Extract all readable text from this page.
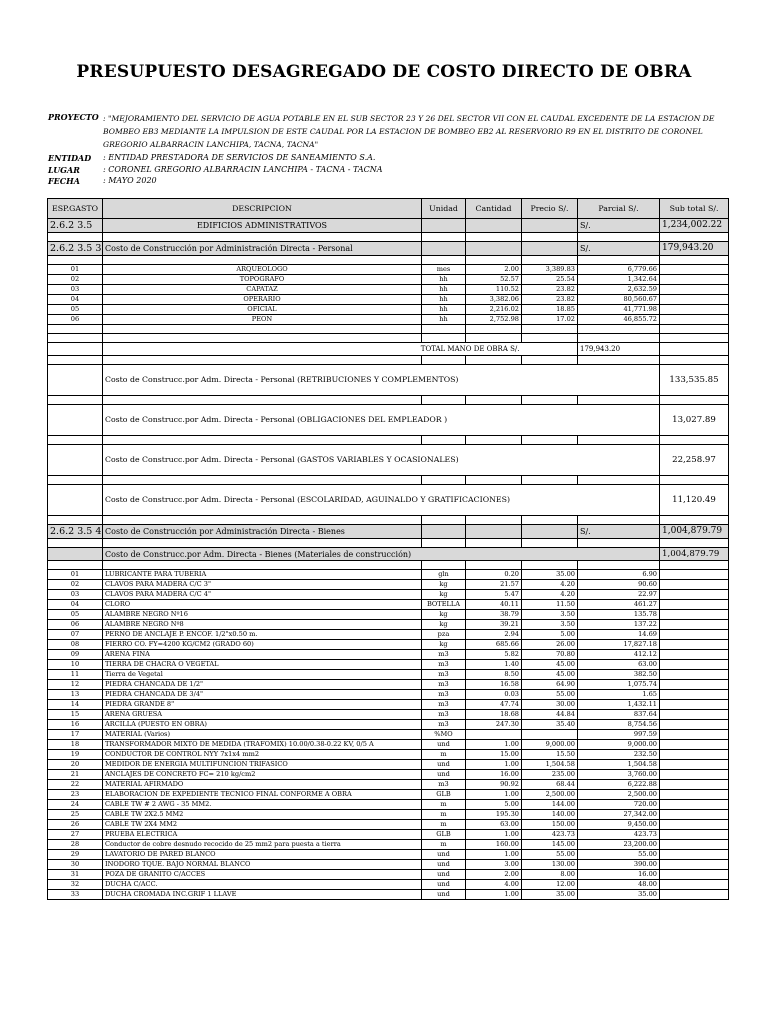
PRESUPUESTO DESAGREGADO DE COSTO DIRECTO DE OBRA
PROYECTO : "MEJORAMIENTO DEL SERVICIO DE AGUA POTABLE EN EL SUB SECTOR 23 Y 26 DEL SECTOR VII CON EL CAUDAL EXCEDENTE DE LA ESTACION DE BOMBEO EB3 MEDIANTE LA IMPULSION DE ESTE CAUDAL POR LA ESTACION DE BOMBEO EB2 AL RESERVORIO R9 EN EL DISTRITO DE CORONEL GREGORIO ALBARRACIN LANCHIPA, TACNA, TACNA"
ENTIDAD : ENTIDAD PRESTADORA DE SERVICIOS DE SANEAMIENTO S.A.
LUGAR	: CORONEL GREGORIO ALBARRACIN LANCHIPA - TACNA - TACNA
FECHA	: MAYO 2020
ESP.GASTO	DESCRIPCION	Unidad	Cantidad	Precio S/.	Parcial S/.	Sub total S/.
2.6.2 3.5	EDIFICIOS ADMINISTRATIVOS				S/.	1,234,002.22

2.6.2 3.5 3	Costo de Construcción por Administración Directa - Personal				S/.	179,943.20

01	ARQUEOLOGO	mes	2.00	3,389.83	6,779.66	
02	TOPOGRAFO	hh	52.57	25.54	1,342.64	
03	CAPATAZ	hh	110.52	23.82	2,632.59	
04	OPERARIO	hh	3,382.06	23.82	80,560.67	
05	OFICIAL	hh	2,216.02	18.85	41,771.98	
06	PEON	hh	2,752.98	17.02	46,855.72	

	TOTAL MANO DE OBRA S/.				179,943.20	

	Costo de Construcc.por Adm. Directa - Personal (RETRIBUCIONES Y COMPLEMENTOS)					133,535.85

	Costo de Construcc.por Adm. Directa - Personal (OBLIGACIONES DEL EMPLEADOR )					13,027.89

	Costo de Construcc.por Adm. Directa - Personal (GASTOS VARIABLES Y OCASIONALES)					22,258.97

	Costo de Construcc.por Adm. Directa - Personal (ESCOLARIDAD, AGUINALDO Y GRATIFICACIONES)					11,120.49

2.6.2 3.5 4	Costo de Construcción por Administración Directa - Bienes				S/.	1,004,879.79

	Costo de Construcc.por Adm. Directa - Bienes (Materiales de construcción)					1,004,879.79

01	LUBRICANTE PARA TUBERIA	gln	0.20	35.00	6.90	
02	CLAVOS PARA MADERA C/C 3"	kg	21.57	4.20	90.60	
03	CLAVOS PARA MADERA C/C 4"	kg	5.47	4.20	22.97	
04	CLORO	BOTELLA	40.11	11.50	461.27	
05	ALAMBRE NEGRO Nº16	kg	38.79	3.50	135.78	
06	ALAMBRE NEGRO Nº8	kg	39.21	3.50	137.22	
07	PERNO DE ANCLAJE P. ENCOF. 1/2"x0.50 m.	pza	2.94	5.00	14.69	
08	FIERRO CO. FY=4200 KG/CM2 (GRADO 60)	kg	685.66	26.00	17,827.18	
09	ARENA FINA	m3	5.82	70.80	412.12	
10	TIERRA DE CHACRA O VEGETAL	m3	1.40	45.00	63.00	
11	Tierra de Vegetal	m3	8.50	45.00	382.50	
12	PIEDRA CHANCADA DE 1/2"	m3	16.58	64.90	1,075.74	
13	PIEDRA CHANCADA DE 3/4"	m3	0.03	55.00	1.65	
14	PIEDRA GRANDE 8"	m3	47.74	30.00	1,432.11	
15	ARENA GRUESA	m3	18.68	44.84	837.64	
16	ARCILLA (PUESTO EN OBRA)	m3	247.30	35.40	8,754.56	
17	MATERIAL (Varios)	%MO			997.59	
18	TRANSFORMADOR MIXTO DE MEDIDA (TRAFOMIX) 10.00/0.38-0.22 KV, 0/5 A	und	1.00	9,000.00	9,000.00	
19	CONDUCTOR DE CONTROL NYY 7x1x4 mm2	m	15.00	15.50	232.50	
20	MEDIDOR DE ENERGIA MULTIFUNCION TRIFASICO	und	1.00	1,504.58	1,504.58	
21	ANCLAJES DE CONCRETO FC= 210 kg/cm2	und	16.00	235.00	3,760.00	
22	MATERIAL AFIRMADO	m3	90.92	68.44	6,222.88	
23	ELABORACION DE EXPEDIENTE TECNICO FINAL CONFORME A OBRA	GLB	1.00	2,500.00	2,500.00	
24	CABLE TW # 2 AWG - 35 MM2.	m	5.00	144.00	720.00	
25	CABLE TW 2X2.5 MM2	m	195.30	140.00	27,342.00	
26	CABLE TW 2X4 MM2	m	63.00	150.00	9,450.00	
27	PRUEBA ELECTRICA	GLB	1.00	423.73	423.73	
28	Conductor de cobre desnudo recocido de 25 mm2 para puesta a tierra	m	160.00	145.00	23,200.00	
29	LAVATORIO DE PARED BLANCO	und	1.00	55.00	55.00	
30	INODORO TQUE. BAJO NORMAL BLANCO	und	3.00	130.00	390.00	
31	POZA DE GRANITO C/ACCES	und	2.00	8.00	16.00	
32	DUCHA C/ACC.	und	4.00	12.00	48.00	
33	DUCHA CROMADA INC.GRIF 1 LLAVE	und	1.00	35.00	35.00	
